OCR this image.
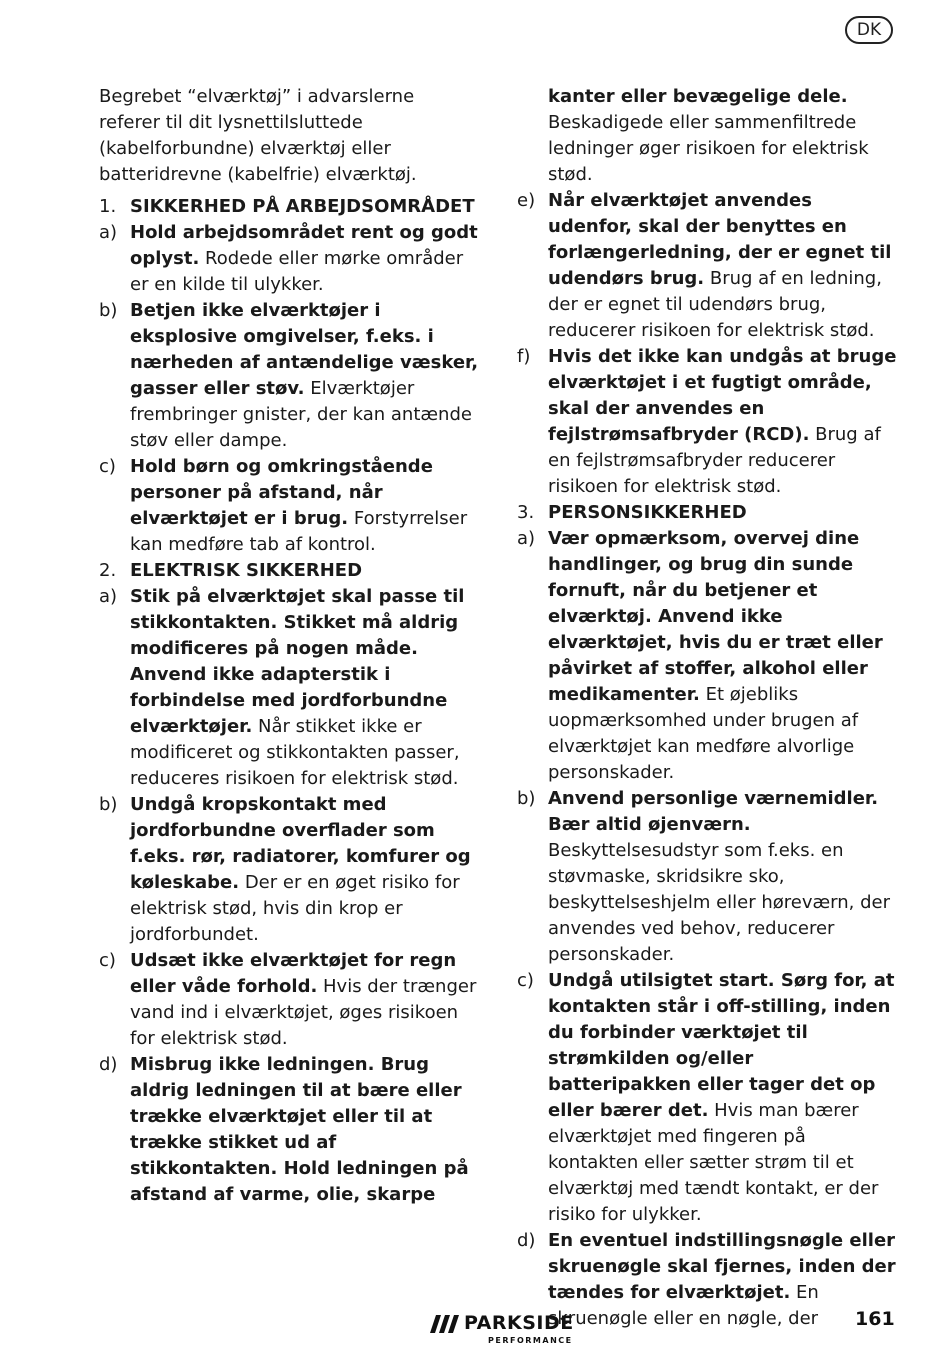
DK
Begrebet “elværktøj” i advarslerne referer til dit lysnettilsluttede (kabelforbundne) elværktøj eller batteridrevne (kabelfrie) elværktøj.
1. SIKKERHED PÅ ARBEJDSOMRÅDET
a) Hold arbejdsområdet rent og godt oplyst. Rodede eller mørke områder er en kilde til ulykker.
b) Betjen ikke elværktøjer i eksplosive omgivelser, f.eks. i nærheden af antændelige væsker, gasser eller støv. Elværktøjer frembringer gnister, der kan antænde støv eller dampe.
c) Hold børn og omkringstående personer på afstand, når elværktøjet er i brug. Forstyrrelser kan medføre tab af kontrol.
2. ELEKTRISK SIKKERHED
a) Stik på elværktøjet skal passe til stikkontakten. Stikket må aldrig modificeres på nogen måde. Anvend ikke adapterstik i forbindelse med jordforbundne elværktøjer. Når stikket ikke er modificeret og stikkontakten passer, reduceres risikoen for elektrisk stød.
b) Undgå kropskontakt med jordforbundne overflader som f.eks. rør, radiatorer, komfurer og køleskabe. Der er en øget risiko for elektrisk stød, hvis din krop er jordforbundet.
c) Udsæt ikke elværktøjet for regn eller våde forhold. Hvis der trænger vand ind i elværktøjet, øges risikoen for elektrisk stød.
d) Misbrug ikke ledningen. Brug aldrig ledningen til at bære eller trække elværktøjet eller til at trække stikket ud af stikkontakten. Hold ledningen på afstand af varme, olie, skarpe
kanter eller bevægelige dele. Beskadigede eller sammenfiltrede ledninger øger risikoen for elektrisk stød.
e) Når elværktøjet anvendes udenfor, skal der benyttes en forlængerledning, der er egnet til udendørs brug. Brug af en ledning, der er egnet til udendørs brug, reducerer risikoen for elektrisk stød.
f) Hvis det ikke kan undgås at bruge elværktøjet i et fugtigt område, skal der anvendes en fejlstrømsafbryder (RCD). Brug af en fejlstrømsafbryder reducerer risikoen for elektrisk stød.
3. PERSONSIKKERHED
a) Vær opmærksom, overvej dine handlinger, og brug din sunde fornuft, når du betjener et elværktøj. Anvend ikke elværktøjet, hvis du er træt eller påvirket af stoffer, alkohol eller medikamenter. Et øjebliks uopmærksomhed under brugen af elværktøjet kan medføre alvorlige personskader.
b) Anvend personlige værnemidler. Bær altid øjenværn. Beskyttelsesudstyr som f.eks. en støvmaske, skridsikre sko, beskyttelseshjelm eller høreværn, der anvendes ved behov, reducerer personskader.
c) Undgå utilsigtet start. Sørg for, at kontakten står i off-stilling, inden du forbinder værktøjet til strømkilden og/eller batteripakken eller tager det op eller bærer det. Hvis man bærer elværktøjet med fingeren på kontakten eller sætter strøm til et elværktøj med tændt kontakt, er der risiko for ulykker.
d) En eventuel indstillingsnøgle eller skruenøgle skal fjernes, inden der tændes for elværktøjet. En skruenøgle eller en nøgle, der
PARKSIDE
PERFORMANCE
161
